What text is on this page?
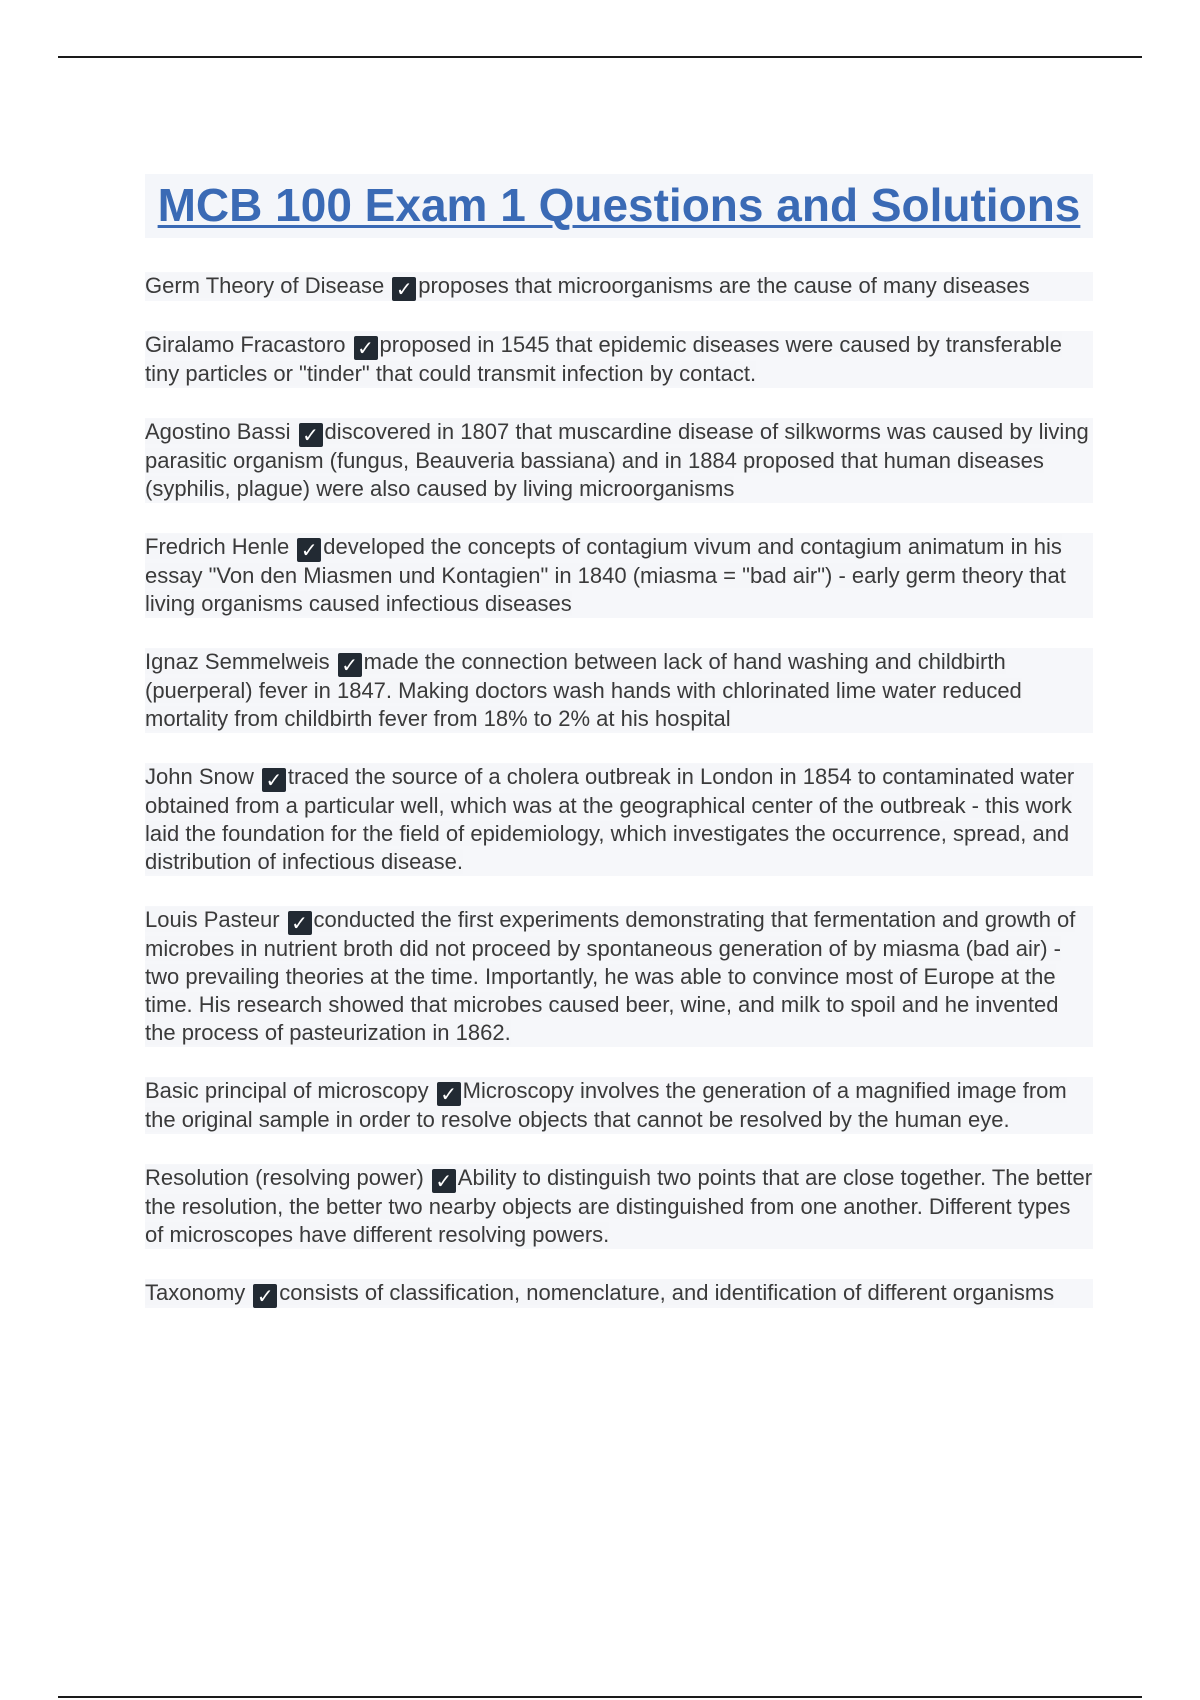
MCB 100 Exam 1 Questions and Solutions

Germ Theory of Disease ✓ proposes that microorganisms are the cause of many diseases

Giralamo Fracastoro ✓ proposed in 1545 that epidemic diseases were caused by transferable tiny particles or "tinder" that could transmit infection by contact.

Agostino Bassi ✓ discovered in 1807 that muscardine disease of silkworms was caused by living parasitic organism (fungus, Beauveria bassiana) and in 1884 proposed that human diseases (syphilis, plague) were also caused by living microorganisms

Fredrich Henle ✓ developed the concepts of contagium vivum and contagium animatum in his essay "Von den Miasmen und Kontagien" in 1840 (miasma = "bad air") - early germ theory that living organisms caused infectious diseases

Ignaz Semmelweis ✓ made the connection between lack of hand washing and childbirth (puerperal) fever in 1847. Making doctors wash hands with chlorinated lime water reduced mortality from childbirth fever from 18% to 2% at his hospital

John Snow ✓ traced the source of a cholera outbreak in London in 1854 to contaminated water obtained from a particular well, which was at the geographical center of the outbreak - this work laid the foundation for the field of epidemiology, which investigates the occurrence, spread, and distribution of infectious disease.

Louis Pasteur ✓ conducted the first experiments demonstrating that fermentation and growth of microbes in nutrient broth did not proceed by spontaneous generation of by miasma (bad air) - two prevailing theories at the time. Importantly, he was able to convince most of Europe at the time. His research showed that microbes caused beer, wine, and milk to spoil and he invented the process of pasteurization in 1862.

Basic principal of microscopy ✓ Microscopy involves the generation of a magnified image from the original sample in order to resolve objects that cannot be resolved by the human eye.

Resolution (resolving power) ✓ Ability to distinguish two points that are close together. The better the resolution, the better two nearby objects are distinguished from one another. Different types of microscopes have different resolving powers.

Taxonomy ✓ consists of classification, nomenclature, and identification of different organisms
